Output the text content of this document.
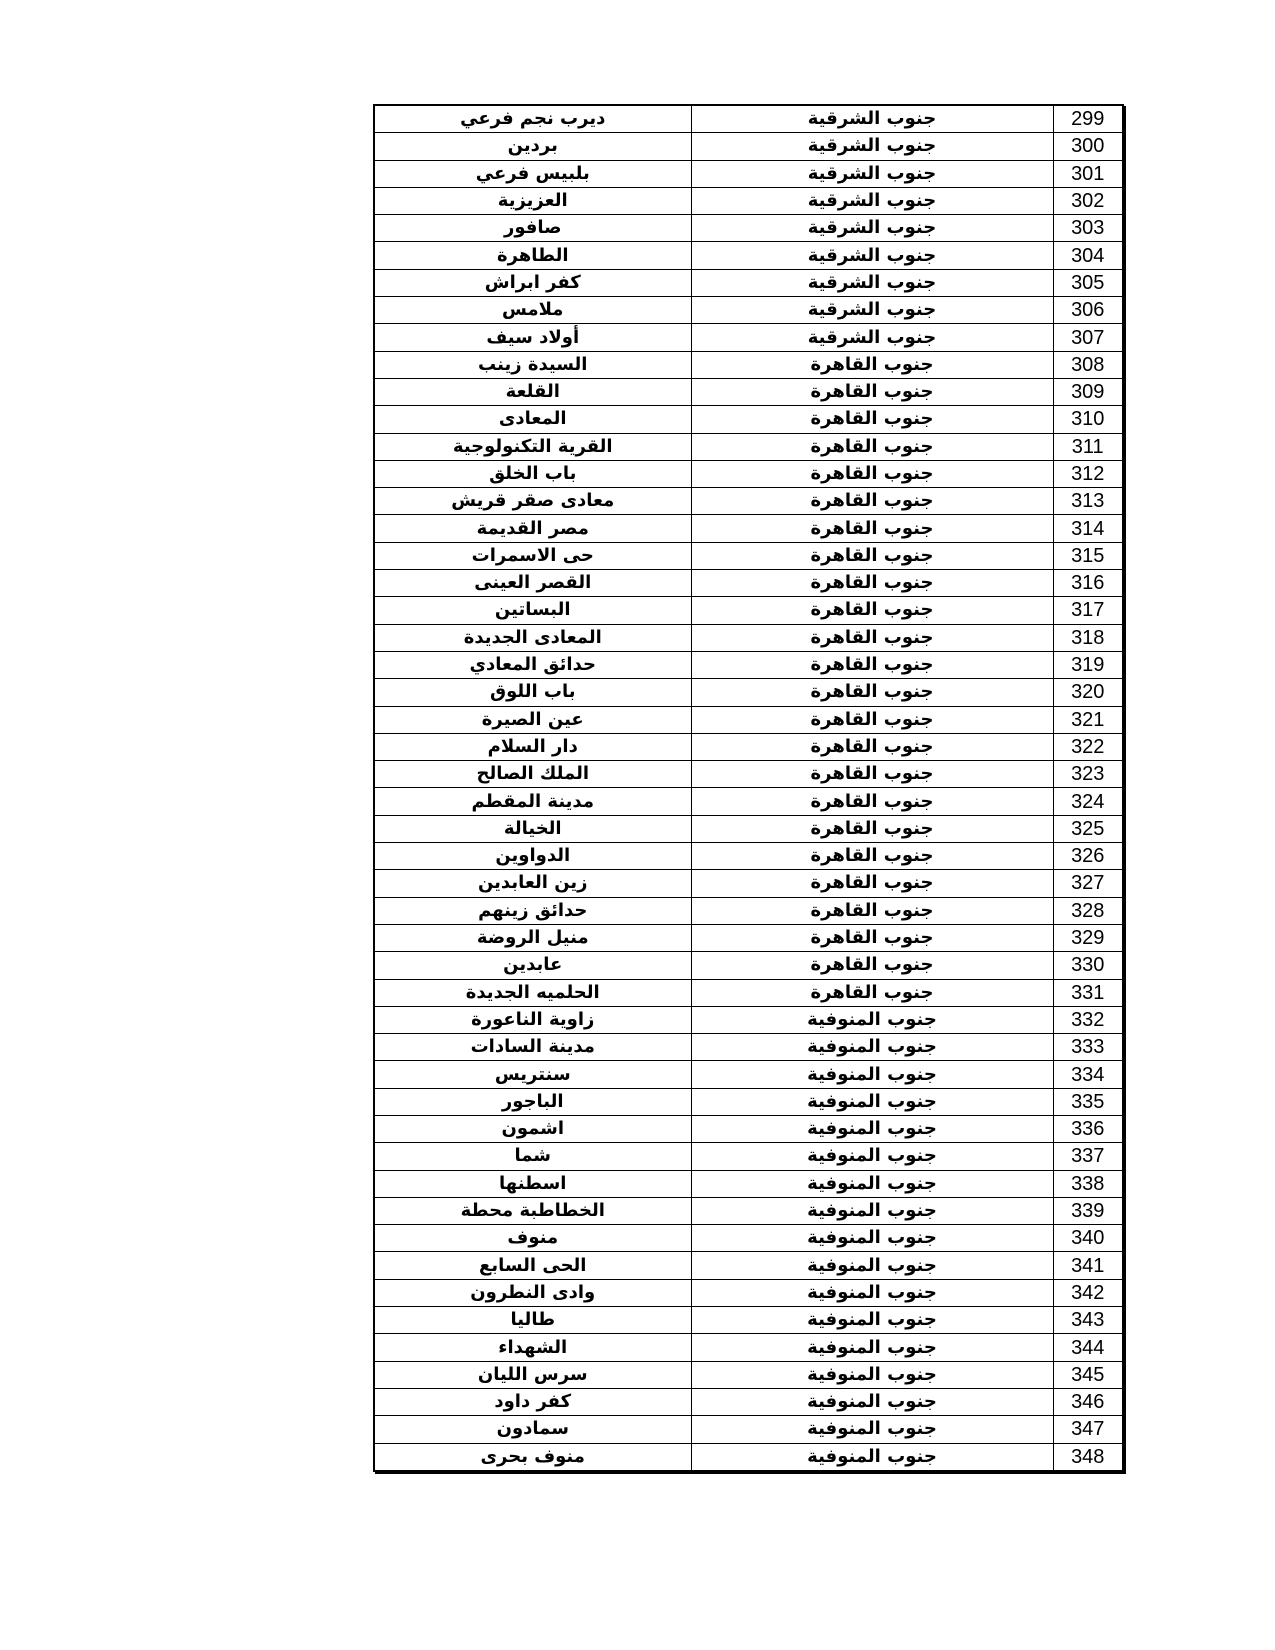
ديرب نجم فرعي	جنوب الشرقية	299
بردين	جنوب الشرقية	300
بلبيس فرعي	جنوب الشرقية	301
العزيزية	جنوب الشرقية	302
صافور	جنوب الشرقية	303
الطاهرة	جنوب الشرقية	304
كفر ابراش	جنوب الشرقية	305
ملامس	جنوب الشرقية	306
أولاد سيف	جنوب الشرقية	307
السيدة زينب	جنوب القاهرة	308
القلعة	جنوب القاهرة	309
المعادى	جنوب القاهرة	310
القرية التكنولوجية	جنوب القاهرة	311
باب الخلق	جنوب القاهرة	312
معادى صقر قريش	جنوب القاهرة	313
مصر القديمة	جنوب القاهرة	314
حى الاسمرات	جنوب القاهرة	315
القصر العينى	جنوب القاهرة	316
البساتين	جنوب القاهرة	317
المعادى الجديدة	جنوب القاهرة	318
حدائق المعادي	جنوب القاهرة	319
باب اللوق	جنوب القاهرة	320
عين الصيرة	جنوب القاهرة	321
دار السلام	جنوب القاهرة	322
الملك الصالح	جنوب القاهرة	323
مدينة المقطم	جنوب القاهرة	324
الخيالة	جنوب القاهرة	325
الدواوين	جنوب القاهرة	326
زين العابدين	جنوب القاهرة	327
حدائق زينهم	جنوب القاهرة	328
منيل الروضة	جنوب القاهرة	329
عابدين	جنوب القاهرة	330
الحلميه الجديدة	جنوب القاهرة	331
زاوية الناعورة	جنوب المنوفية	332
مدينة السادات	جنوب المنوفية	333
سنتريس	جنوب المنوفية	334
الباجور	جنوب المنوفية	335
اشمون	جنوب المنوفية	336
شما	جنوب المنوفية	337
اسطنها	جنوب المنوفية	338
الخطاطبة محطة	جنوب المنوفية	339
منوف	جنوب المنوفية	340
الحى السابع	جنوب المنوفية	341
وادى النطرون	جنوب المنوفية	342
طاليا	جنوب المنوفية	343
الشهداء	جنوب المنوفية	344
سرس الليان	جنوب المنوفية	345
كفر داود	جنوب المنوفية	346
سمادون	جنوب المنوفية	347
منوف بحرى	جنوب المنوفية	348
